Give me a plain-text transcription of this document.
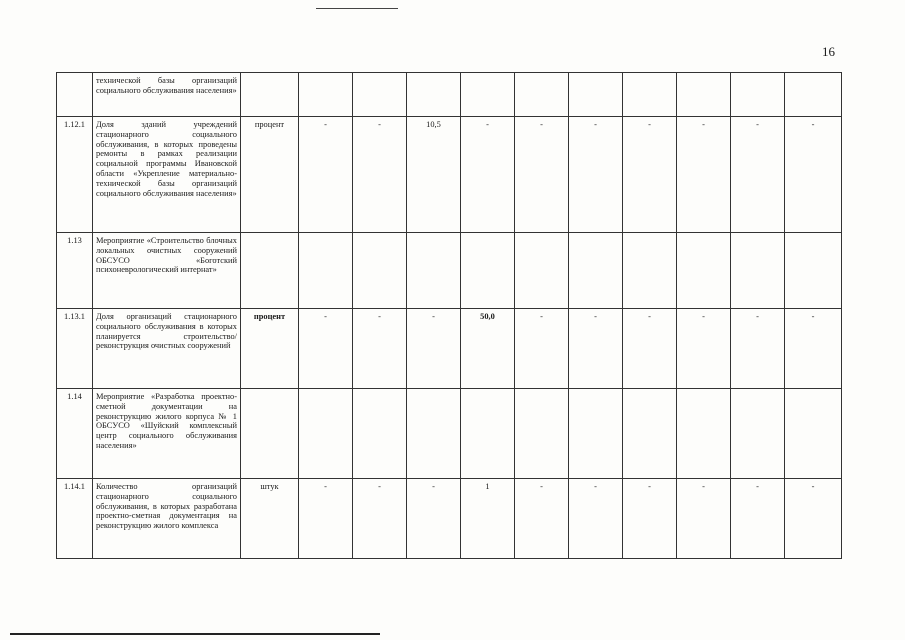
16
	технической базы организаций социального обслуживания населения»												
1.12.1	Доля зданий учреждений стационарного социального обслуживания, в которых проведены ремонты в рамках реализации социальной программы Ивановской области «Укрепление материально-технической базы организаций социального обслуживания населения»	процент	-	-	10,5	-	-	-	-	-	-	-	
1.13	Мероприятие «Строительство блочных локальных очистных сооружений ОБСУСО «Боготский психоневрологический интернат»												
1.13.1	Доля организаций стационарного социального обслуживания в которых планируется строительство/реконструкция очистных сооружений	процент	-	-	-	50,0	-	-	-	-	-	-	
1.14	Мероприятие «Разработка проектно-сметной документации на реконструкцию жилого корпуса № 1 ОБСУСО «Шуйский комплексный центр социального обслуживания населения»												
1.14.1	Количество организаций стационарного социального обслуживания, в которых разработана проектно-сметная документация на реконструкцию жилого комплекса	штук	-	-	-	1	-	-	-	-	-	-	
